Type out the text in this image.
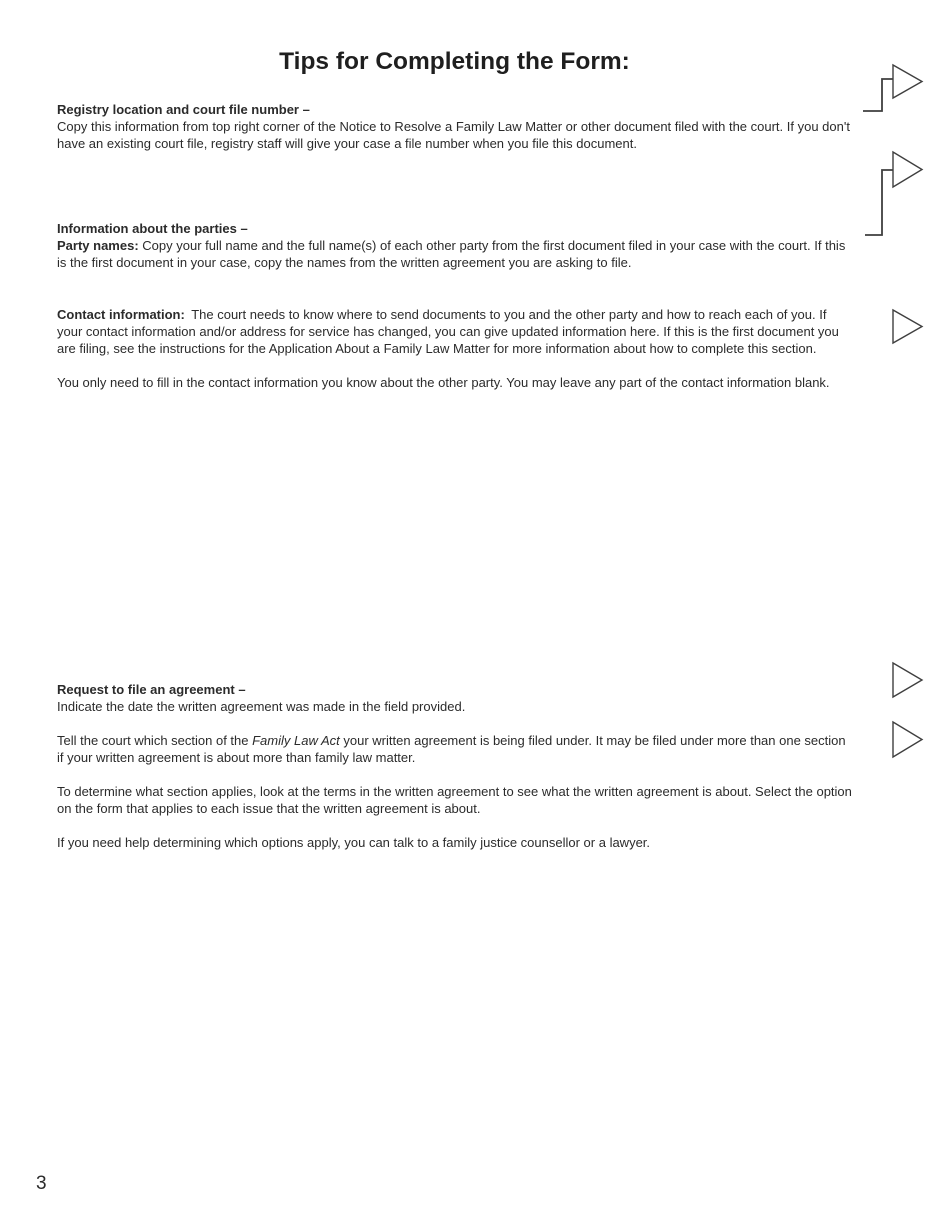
Tips for Completing the Form:

Registry location and court file number –

Copy this information from top right corner of the Notice to Resolve a Family Law Matter or other document filed with the court. If you don't have an existing court file, registry staff will give your case a file number when you file this document.

Information about the parties –

Party names: Copy your full name and the full name(s) of each other party from the first document filed in your case with the court. If this is the first document in your case, copy the names from the written agreement you are asking to file.

Contact information: The court needs to know where to send documents to you and the other party and how to reach each of you. If your contact information and/or address for service has changed, you can give updated information here. If this is the first document you are filing, see the instructions for the Application About a Family Law Matter for more information about how to complete this section.

You only need to fill in the contact information you know about the other party. You may leave any part of the contact information blank.

Request to file an agreement –

Indicate the date the written agreement was made in the field provided.

Tell the court which section of the Family Law Act your written agreement is being filed under. It may be filed under more than one section if your written agreement is about more than family law matter.

To determine what section applies, look at the terms in the written agreement to see what the written agreement is about. Select the option on the form that applies to each issue that the written agreement is about.

If you need help determining which options apply, you can talk to a family justice counsellor or a lawyer.

3
